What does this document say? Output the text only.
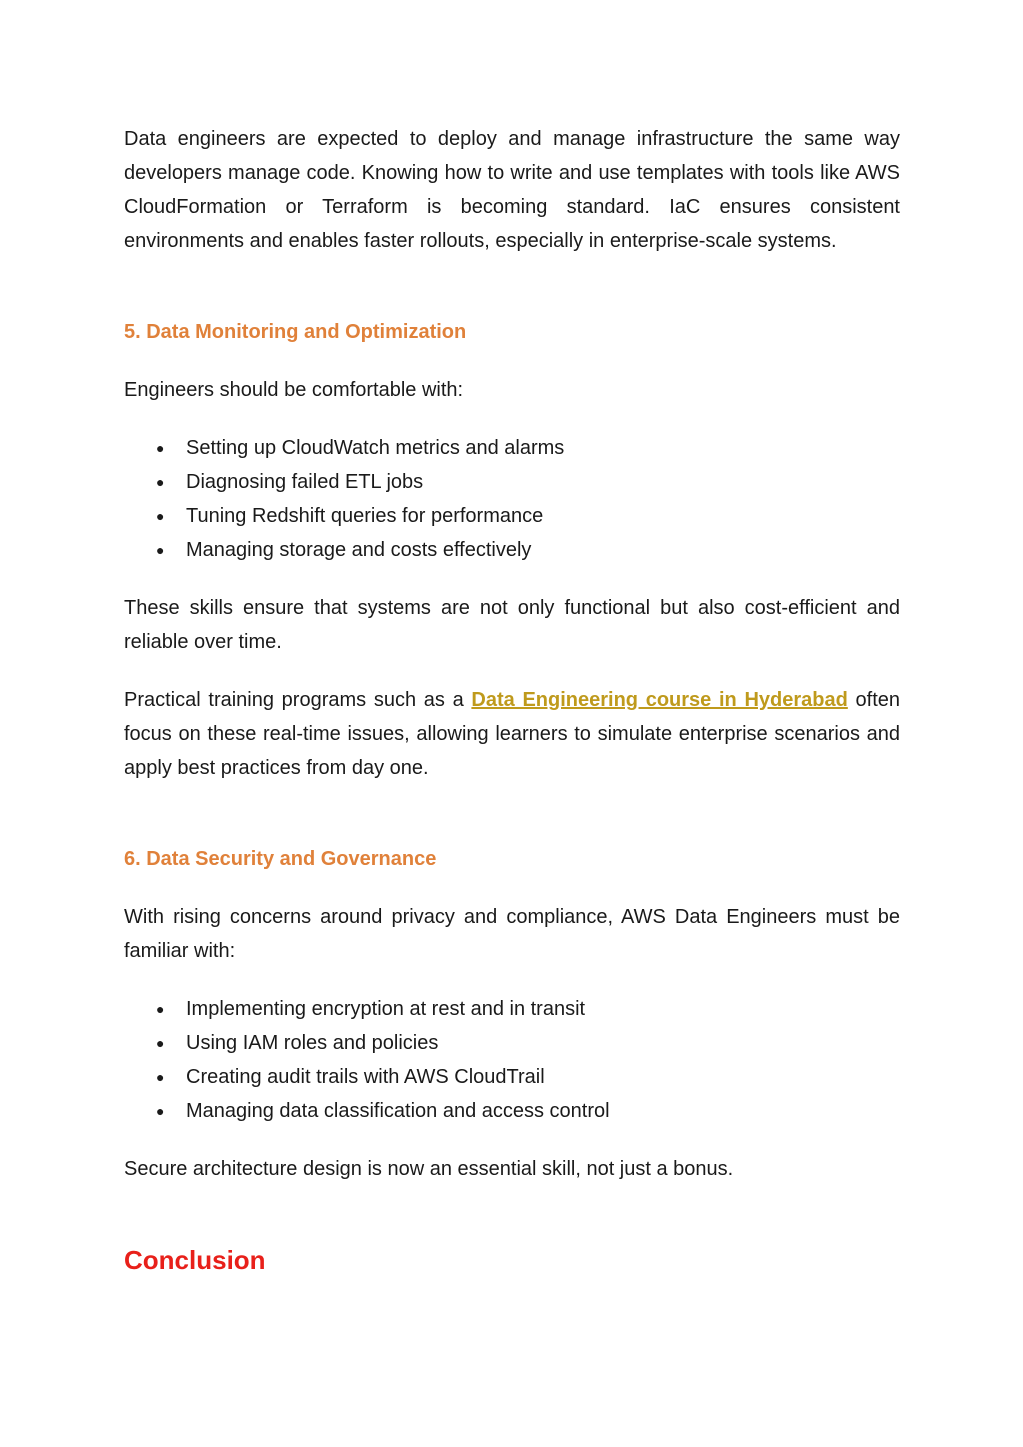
Data engineers are expected to deploy and manage infrastructure the same way developers manage code. Knowing how to write and use templates with tools like AWS CloudFormation or Terraform is becoming standard. IaC ensures consistent environments and enables faster rollouts, especially in enterprise-scale systems.

5. Data Monitoring and Optimization

Engineers should be comfortable with:

● Setting up CloudWatch metrics and alarms
● Diagnosing failed ETL jobs
● Tuning Redshift queries for performance
● Managing storage and costs effectively

These skills ensure that systems are not only functional but also cost-efficient and reliable over time.

Practical training programs such as a Data Engineering course in Hyderabad often focus on these real-time issues, allowing learners to simulate enterprise scenarios and apply best practices from day one.

6. Data Security and Governance

With rising concerns around privacy and compliance, AWS Data Engineers must be familiar with:

● Implementing encryption at rest and in transit
● Using IAM roles and policies
● Creating audit trails with AWS CloudTrail
● Managing data classification and access control

Secure architecture design is now an essential skill, not just a bonus.

Conclusion
